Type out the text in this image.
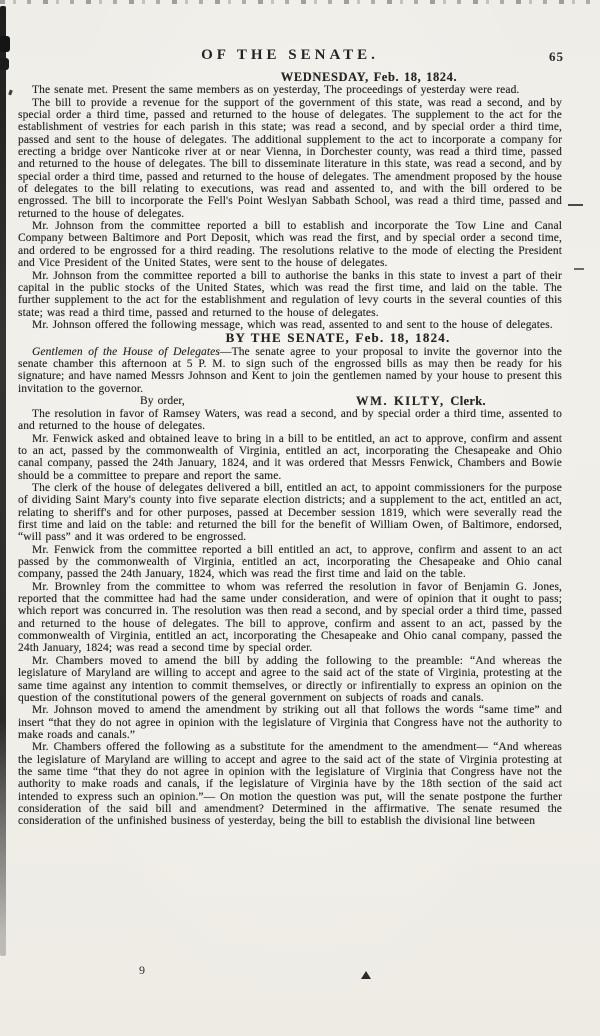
OF THE SENATE.	65
WEDNESDAY, Feb. 18, 1824.

The senate met. Present the same members as on yesterday, The proceedings of yesterday were read.

The bill to provide a revenue for the support of the government of this state, was read a second, and by special order a third time, passed and returned to the house of delegates. The supplement to the act for the establishment of vestries for each parish in this state; was read a second, and by special order a third time, passed and sent to the house of delegates. The additional supplement to the act to incorporate a company for erecting a bridge over Nanticoke river at or near Vienna, in Dorchester county, was read a third time, passed and returned to the house of delegates. The bill to disseminate literature in this state, was read a second, and by special order a third time, passed and returned to the house of delegates. The amendment proposed by the house of delegates to the bill relating to executions, was read and assented to, and with the bill ordered to be engrossed. The bill to incorporate the Fell's Point Weslyan Sabbath School, was read a third time, passed and returned to the house of delegates.

Mr. Johnson from the committee reported a bill to establish and incorporate the Tow Line and Canal Company between Baltimore and Port Deposit, which was read the first, and by special order a second time, and ordered to be engrossed for a third reading. The resolutions relative to the mode of electing the President and Vice President of the United States, were sent to the house of delegates.

Mr. Johnson from the committee reported a bill to authorise the banks in this state to invest a part of their capital in the public stocks of the United States, which was read the first time, and laid on the table. The further supplement to the act for the establishment and regulation of levy courts in the several counties of this state; was read a third time, passed and returned to the house of delegates.

Mr. Johnson offered the following message, which was read, assented to and sent to the house of delegates.

BY THE SENATE, Feb. 18, 1824.

Gentlemen of the House of Delegates—The senate agree to your proposal to invite the governor into the senate chamber this afternoon at 5 P. M. to sign such of the engrossed bills as may then be ready for his signature; and have named Messrs Johnson and Kent to join the gentlemen named by your house to present this invitation to the governor.

By order,	WM. KILTY, Clerk.

The resolution in favor of Ramsey Waters, was read a second, and by special order a third time, assented to and returned to the house of delegates.

Mr. Fenwick asked and obtained leave to bring in a bill to be entitled, an act to approve, confirm and assent to an act, passed by the commonwealth of Virginia, entitled an act, incorporating the Chesapeake and Ohio canal company, passed the 24th January, 1824, and it was ordered that Messrs Fenwick, Chambers and Bowie should be a committee to prepare and report the same.

The clerk of the house of delegates delivered a bill, entitled an act, to appoint commissioners for the purpose of dividing Saint Mary's county into five separate election districts; and a supplement to the act, entitled an act, relating to sheriff's and for other purposes, passed at December session 1819, which were severally read the first time and laid on the table: and returned the bill for the benefit of William Owen, of Baltimore, endorsed, “will pass” and it was ordered to be engrossed.

Mr. Fenwick from the committee reported a bill entitled an act, to approve, confirm and assent to an act passed by the commonwealth of Virginia, entitled an act, incorporating the Chesapeake and Ohio canal company, passed the 24th January, 1824, which was read the first time and laid on the table.

Mr. Brownley from the committee to whom was referred the resolution in favor of Benjamin G. Jones, reported that the committee had had the same under consideration, and were of opinion that it ought to pass; which report was concurred in. The resolution was then read a second, and by special order a third time, passed and returned to the house of delegates. The bill to approve, confirm and assent to an act, passed by the commonwealth of Virginia, entitled an act, incorporating the Chesapeake and Ohio canal company, passed the 24th January, 1824; was read a second time by special order.

Mr. Chambers moved to amend the bill by adding the following to the preamble: “And whereas the legislature of Maryland are willing to accept and agree to the said act of the state of Virginia, protesting at the same time against any intention to commit themselves, or directly or infirentially to express an opinion on the question of the constitutional powers of the general government on subjects of roads and canals.

Mr. Johnson moved to amend the amendment by striking out all that follows the words “same time” and insert “that they do not agree in opinion with the legislature of Virginia that Congress have not the authority to make roads and canals.”

Mr. Chambers offered the following as a substitute for the amendment to the amendment— “And whereas the legislature of Maryland are willing to accept and agree to the said act of the state of Virginia protesting at the same time “that they do not agree in opinion with the legislature of Virginia that Congress have not the authority to make roads and canals, if the legislature of Virginia have by the 18th section of the said act intended to express such an opinion.”— On motion the question was put, will the senate postpone the further consideration of the said bill and amendment? Determined in the affirmative. The senate resumed the consideration of the unfinished business of yesterday, being the bill to establish the divisional line between

9
